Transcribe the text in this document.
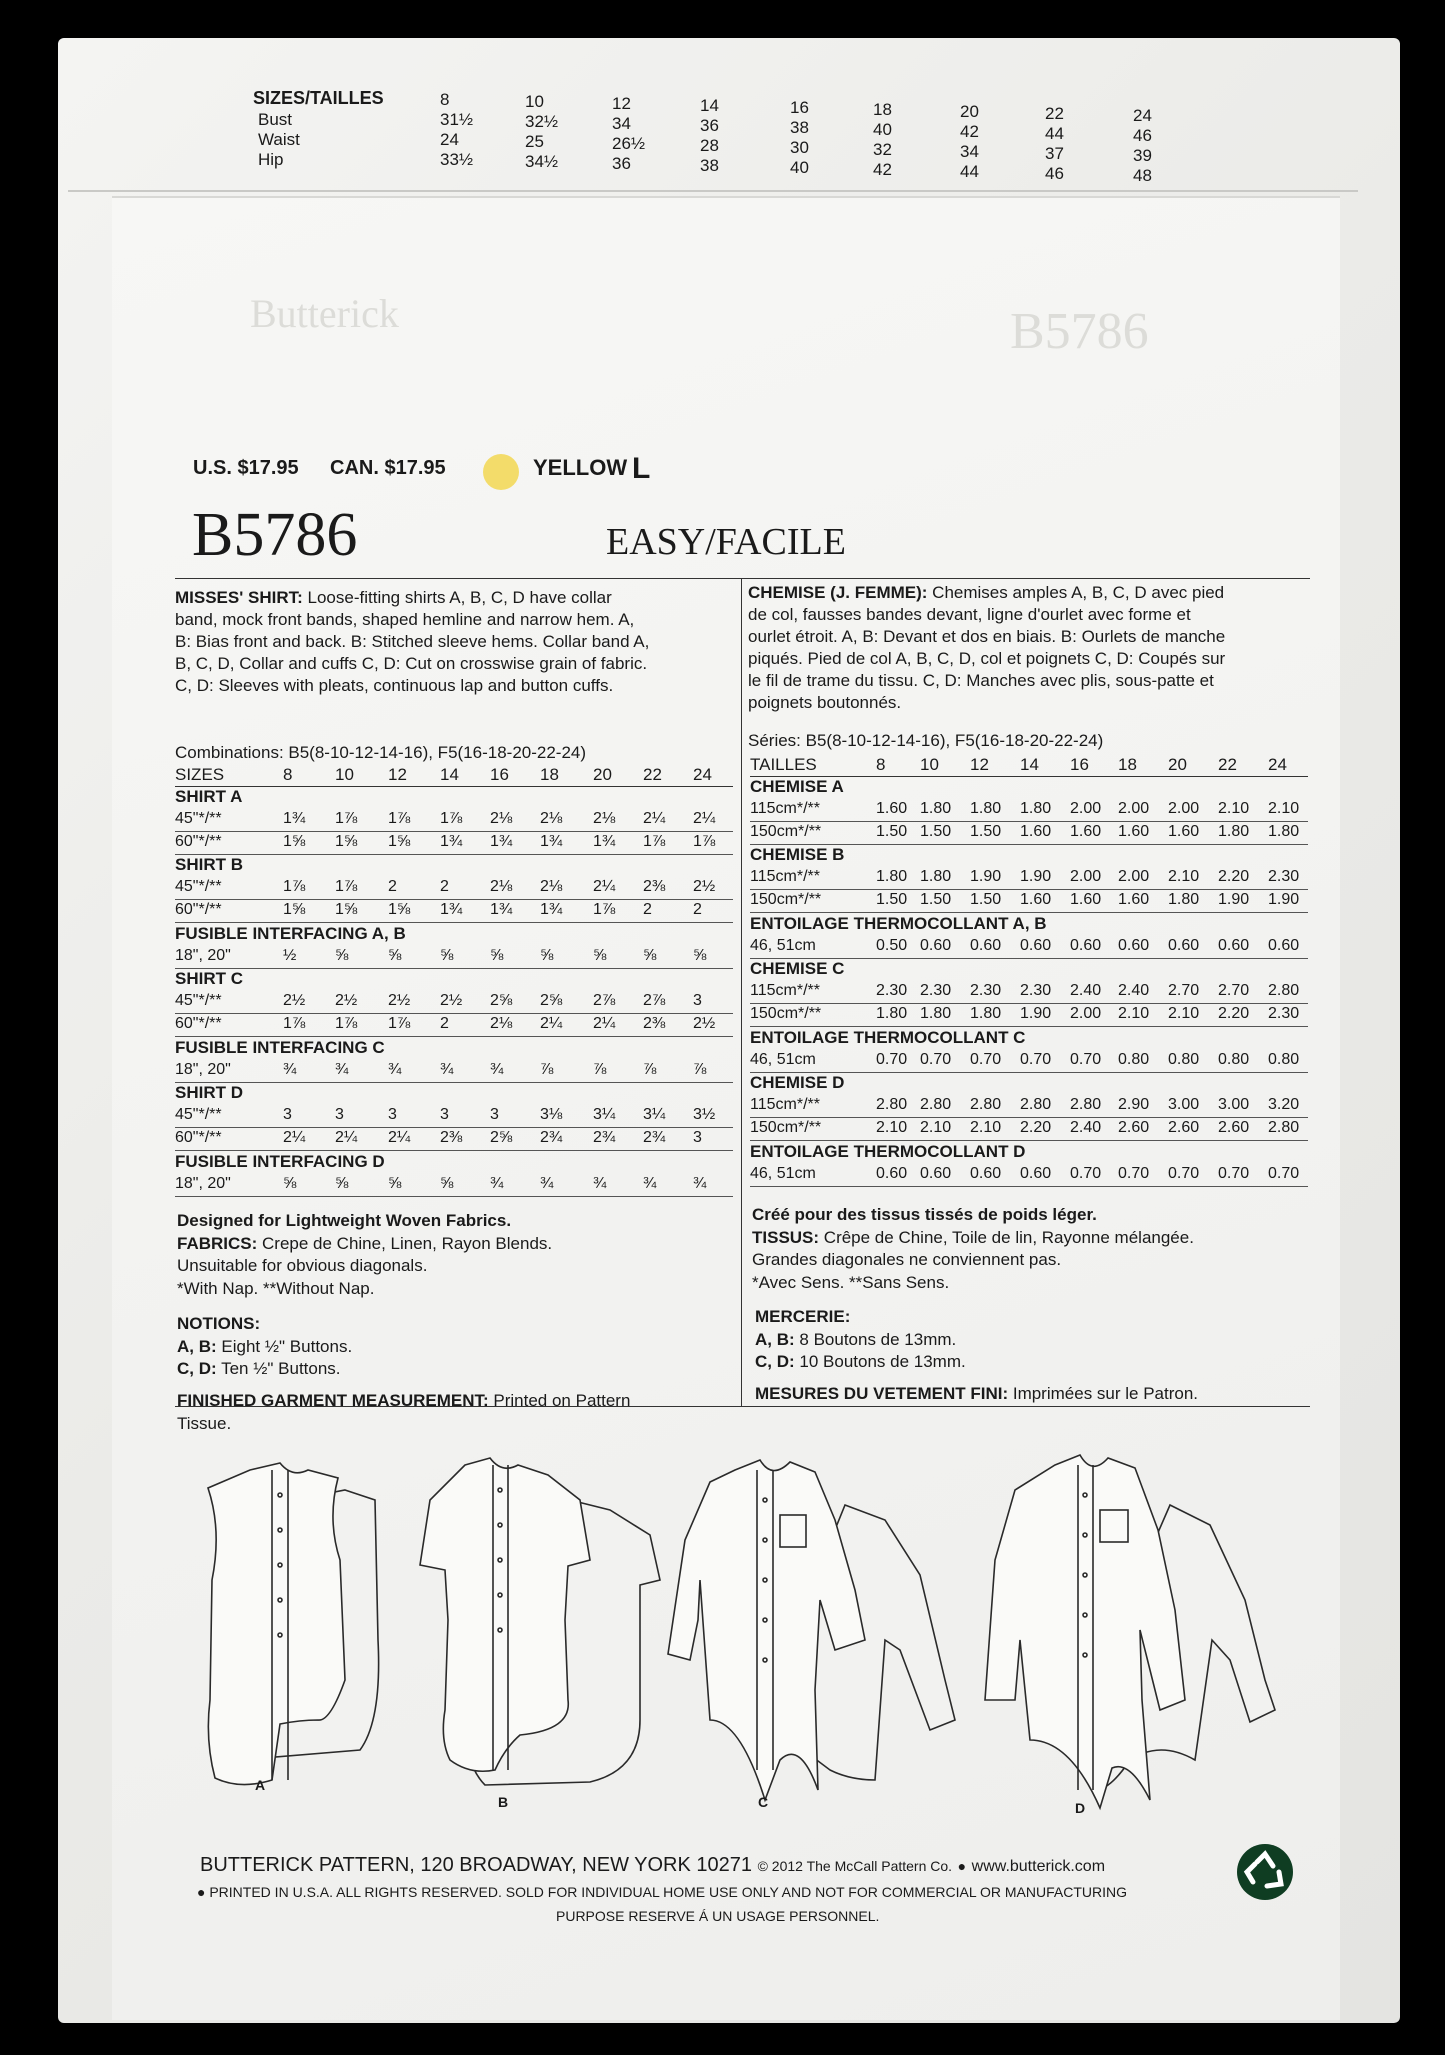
SIZES/TAILLES	8	10	12	14	16	18	20	22	24
Bust	31½	32½	34	36	38	40	42	44	46
Waist	24	25	26½	28	30	32	34	37	39
Hip	33½	34½	36	38	40	42	44	46	48
Butterick	B5786
U.S. $17.95 CAN. $17.95	YELLOW L
B5786	EASY/FACILE
MISSES' SHIRT: Loose-fitting shirts A, B, C, D have collar
band, mock front bands, shaped hemline and narrow hem. A,
B: Bias front and back. B: Stitched sleeve hems. Collar band A,
B, C, D, Collar and cuffs C, D: Cut on crosswise grain of fabric.
C, D: Sleeves with pleats, continuous lap and button cuffs.
Combinations: B5(8-10-12-14-16), F5(16-18-20-22-24)
SIZES	8	10 12 14 16 18 20 22 24
SHIRT A
45"*/**	1¾ 1⅞ 1⅞ 1⅞ 2⅛ 2⅛ 2⅛ 2¼ 2¼
60"*/**	1⅝ 1⅝ 1⅝ 1¾ 1¾ 1¾ 1¾ 1⅞ 1⅞
SHIRT B
45"*/**	1⅞ 1⅞ 2	2	2⅛ 2⅛ 2¼ 2⅜ 2½
60"*/**	1⅝ 1⅝ 1⅝ 1¾ 1¾ 1¾ 1⅞ 2	2
FUSIBLE INTERFACING A, B
18", 20"	½ ⅝ ⅝ ⅝ ⅝ ⅝ ⅝ ⅝ ⅝
SHIRT C
45"*/**	2½ 2½ 2½ 2½ 2⅝ 2⅝ 2⅞ 2⅞ 3
60"*/**	1⅞ 1⅞ 1⅞ 2	2⅛ 2¼ 2¼ 2⅜ 2½
FUSIBLE INTERFACING C
18", 20"	¾ ¾ ¾ ¾ ¾ ⅞ ⅞ ⅞ ⅞
SHIRT D
45"*/**	3	3	3	3	3	3⅛ 3¼ 3¼ 3½
60"*/**	2¼ 2¼ 2¼ 2⅜ 2⅝ 2¾ 2¾ 2¾ 3
FUSIBLE INTERFACING D
18", 20"	⅝ ⅝ ⅝ ⅝ ¾ ¾ ¾ ¾ ¾
Designed for Lightweight Woven Fabrics.
FABRICS: Crepe de Chine, Linen, Rayon Blends.
Unsuitable for obvious diagonals.
*With Nap. **Without Nap.
NOTIONS:
A, B: Eight ½" Buttons.
C, D: Ten ½" Buttons.
FINISHED GARMENT MEASUREMENT: Printed on Pattern
Tissue.
CHEMISE (J. FEMME): Chemises amples A, B, C, D avec pied
de col, fausses bandes devant, ligne d'ourlet avec forme et
ourlet étroit. A, B: Devant et dos en biais. B: Ourlets de manche
piqués. Pied de col A, B, C, D, col et poignets C, D: Coupés sur
le fil de trame du tissu. C, D: Manches avec plis, sous-patte et
poignets boutonnés.
Séries: B5(8-10-12-14-16), F5(16-18-20-22-24)
TAILLES	8 10 12 14 16 18 20 22 24
CHEMISE A
115cm*/**	1.60 1.80 1.80 1.80 2.00 2.00 2.00 2.10 2.10
150cm*/**	1.50 1.50 1.50 1.60 1.60 1.60 1.60 1.80 1.80
CHEMISE B
115cm*/**	1.80 1.80 1.90 1.90 2.00 2.00 2.10 2.20 2.30
150cm*/**	1.50 1.50 1.50 1.60 1.60 1.60 1.80 1.90 1.90
ENTOILAGE THERMOCOLLANT A, B
46, 51cm	0.50 0.60 0.60 0.60 0.60 0.60 0.60 0.60 0.60
CHEMISE C
115cm*/**	2.30 2.30 2.30 2.30 2.40 2.40 2.70 2.70 2.80
150cm*/**	1.80 1.80 1.80 1.90 2.00 2.10 2.10 2.20 2.30
ENTOILAGE THERMOCOLLANT C
46, 51cm	0.70 0.70 0.70 0.70 0.70 0.80 0.80 0.80 0.80
CHEMISE D
115cm*/**	2.80 2.80 2.80 2.80 2.80 2.90 3.00 3.00 3.20
150cm*/**	2.10 2.10 2.10 2.20 2.40 2.60 2.60 2.60 2.80
ENTOILAGE THERMOCOLLANT D
46, 51cm	0.60 0.60 0.60 0.60 0.70 0.70 0.70 0.70 0.70
Créé pour des tissus tissés de poids léger.
TISSUS: Crêpe de Chine, Toile de lin, Rayonne mélangée.
Grandes diagonales ne conviennent pas.
*Avec Sens. **Sans Sens.
MERCERIE:
A, B: 8 Boutons de 13mm.
C, D: 10 Boutons de 13mm.
MESURES DU VETEMENT FINI: Imprimées sur le Patron.
A
B	C	D
BUTTERICK PATTERN, 120 BROADWAY, NEW YORK 10271 © 2012 The McCall Pattern Co. ● www.butterick.com
● PRINTED IN U.S.A. ALL RIGHTS RESERVED. SOLD FOR INDIVIDUAL HOME USE ONLY AND NOT FOR COMMERCIAL OR MANUFACTURING
PURPOSE RESERVE Á UN USAGE PERSONNEL.
